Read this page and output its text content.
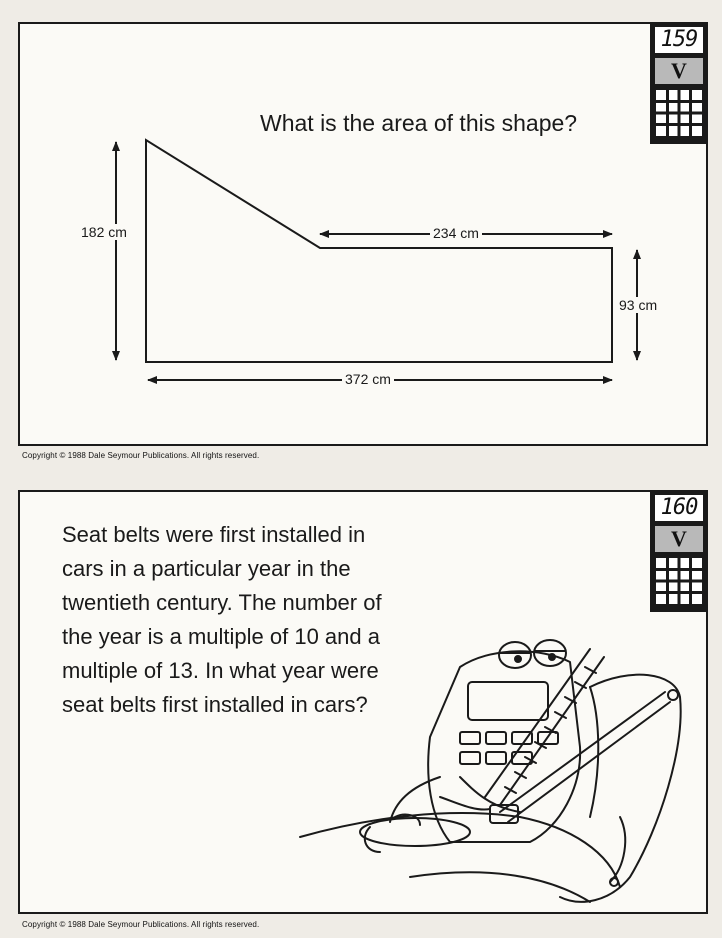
159
V
What is the area of this shape?
182 cm	234 cm
93 cm
372 cm
Copyright © 1988 Dale Seymour Publications. All rights reserved.
160
V
Seat belts were first installed in cars in a particular year in the twentieth century. The number of the year is a multiple of 10 and a multiple of 13. In what year were seat belts first installed in cars?
Copyright © 1988 Dale Seymour Publications. All rights reserved.
